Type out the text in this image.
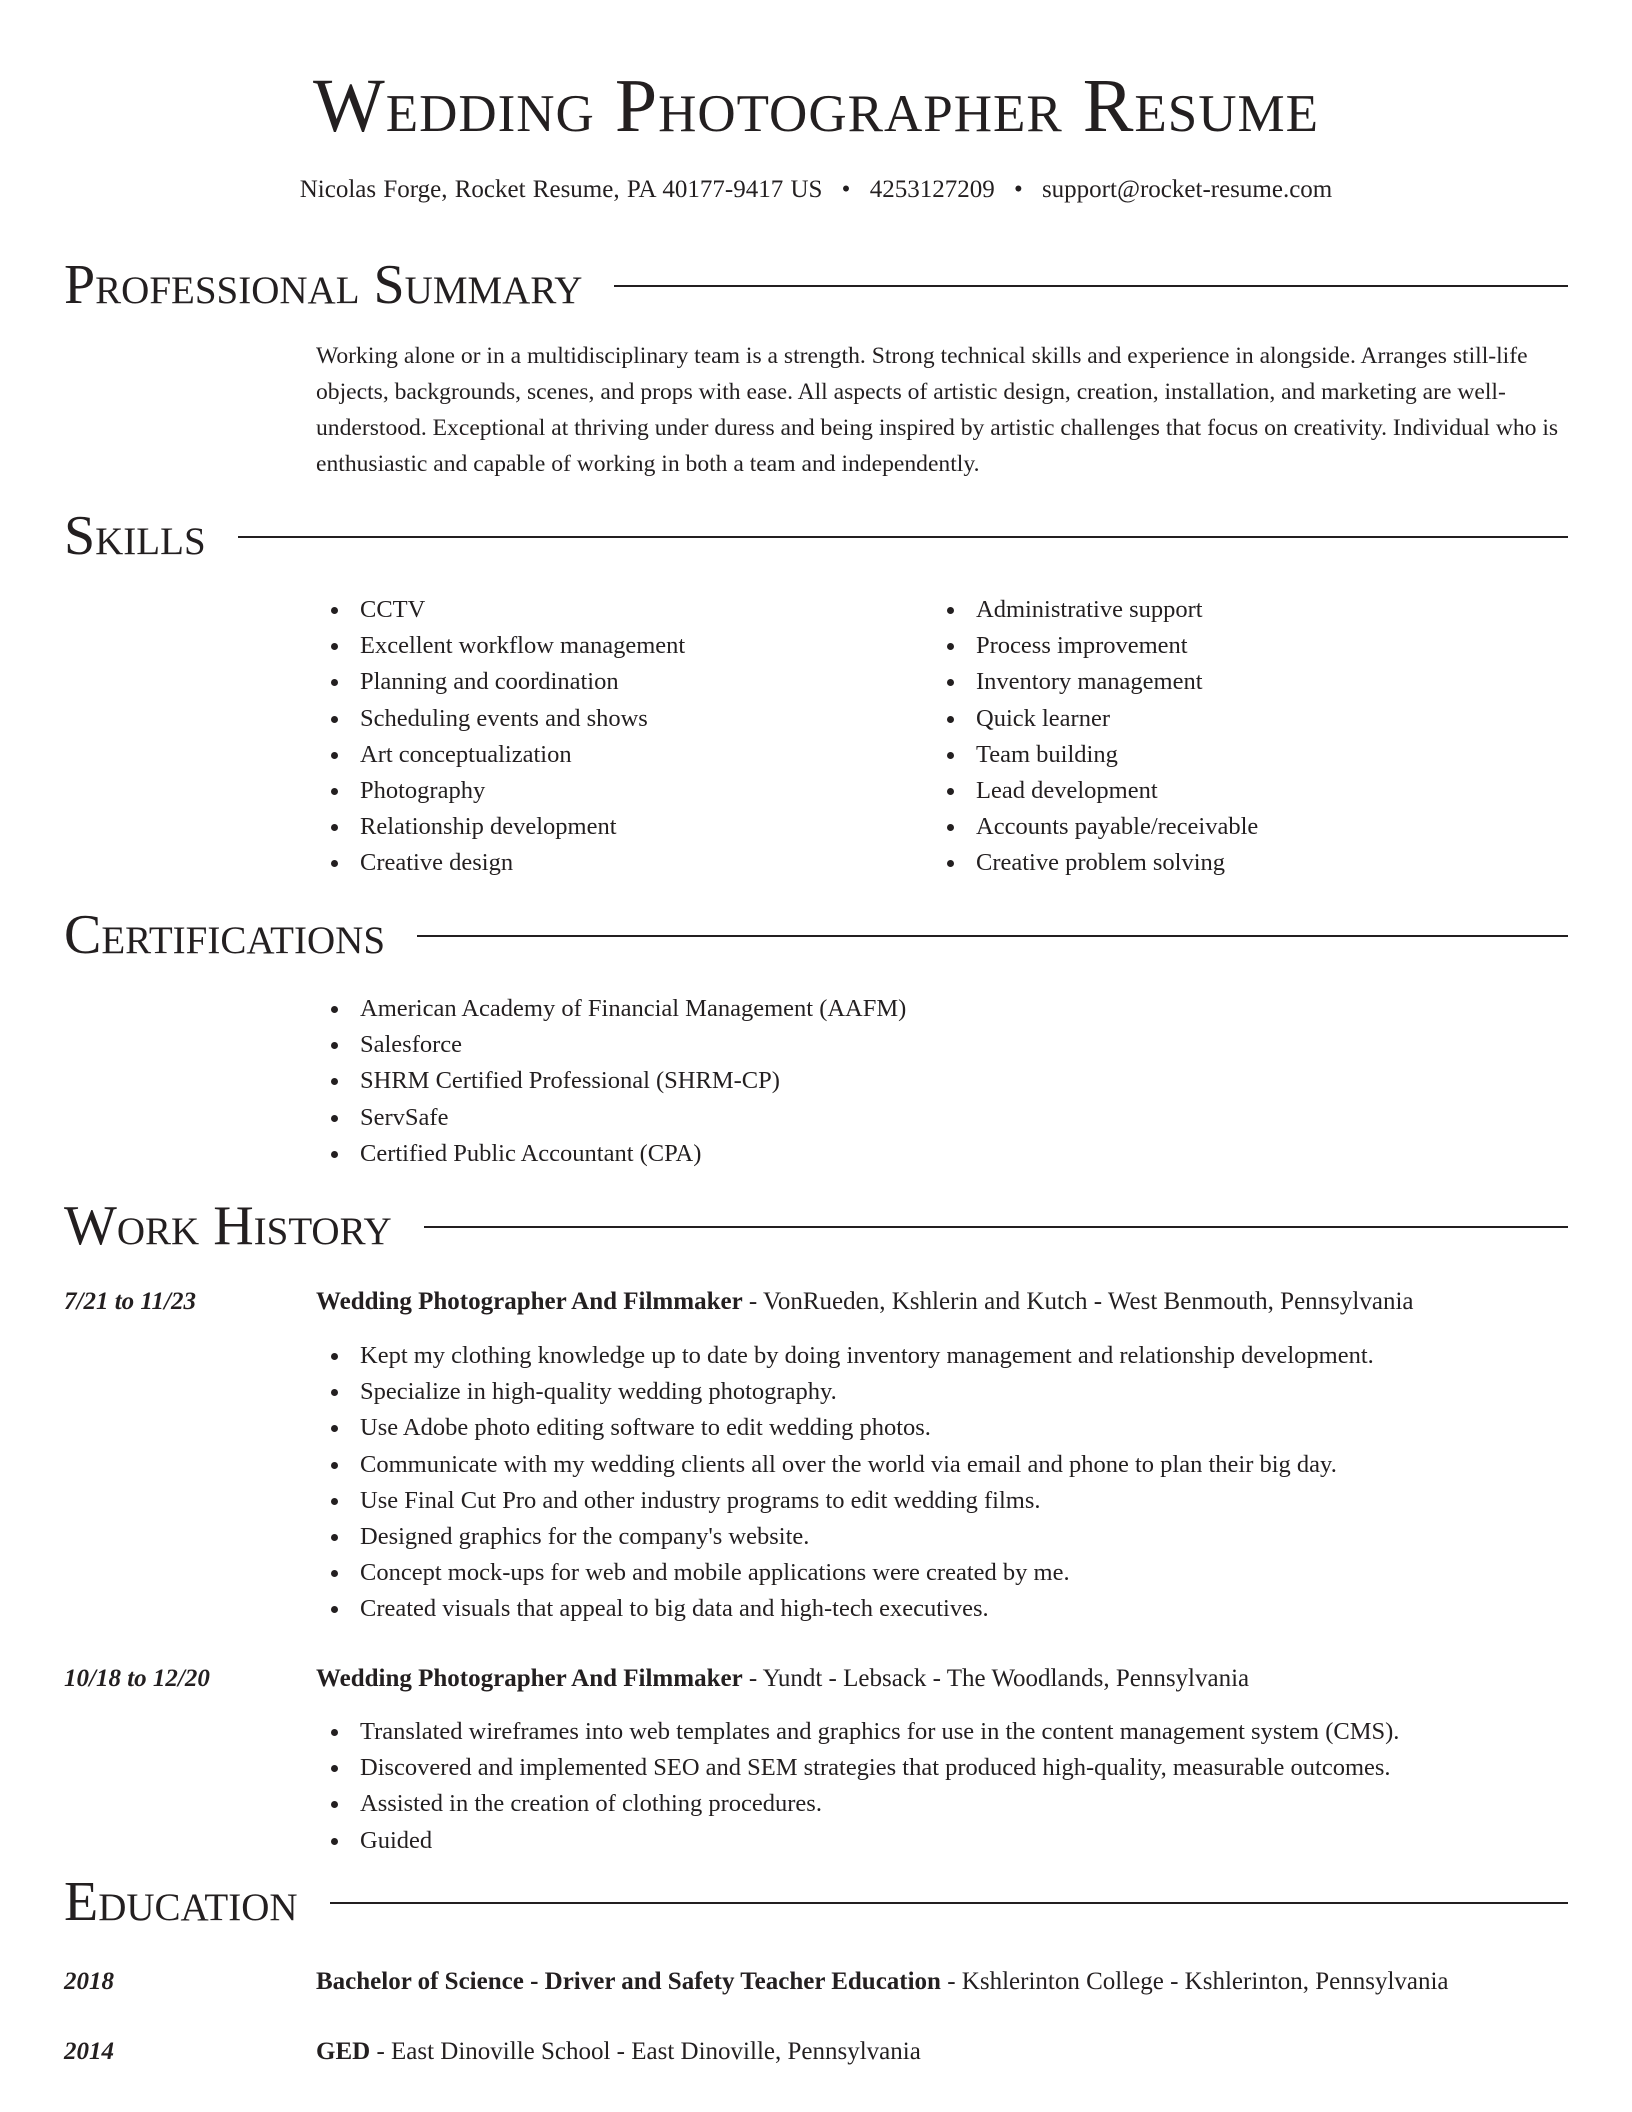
Wedding Photographer Resume
Nicolas Forge, Rocket Resume, PA 40177-9417 US • 4253127209 • support@rocket-resume.com
Professional Summary

Working alone or in a multidisciplinary team is a strength. Strong technical skills and experience in alongside. Arranges still-life objects, backgrounds, scenes, and props with ease. All aspects of artistic design, creation, installation, and marketing are well-understood. Exceptional at thriving under duress and being inspired by artistic challenges that focus on creativity. Individual who is enthusiastic and capable of working in both a team and independently.

Skills
CCTV
Excellent workflow management
Planning and coordination
Scheduling events and shows
Art conceptualization
Photography
Relationship development
Creative design
Administrative support
Process improvement
Inventory management
Quick learner
Team building
Lead development
Accounts payable/receivable
Creative problem solving
Certifications
American Academy of Financial Management (AAFM)
Salesforce
SHRM Certified Professional (SHRM-CP)
ServSafe
Certified Public Accountant (CPA)
Work History
7/21 to 11/23	Wedding Photographer And Filmmaker - VonRueden, Kshlerin and Kutch - West Benmouth, Pennsylvania
Kept my clothing knowledge up to date by doing inventory management and relationship development.
Specialize in high-quality wedding photography.
Use Adobe photo editing software to edit wedding photos.
Communicate with my wedding clients all over the world via email and phone to plan their big day.
Use Final Cut Pro and other industry programs to edit wedding films.
Designed graphics for the company's website.
Concept mock-ups for web and mobile applications were created by me.
Created visuals that appeal to big data and high-tech executives.
10/18 to 12/20	Wedding Photographer And Filmmaker - Yundt - Lebsack - The Woodlands, Pennsylvania
Translated wireframes into web templates and graphics for use in the content management system (CMS).
Discovered and implemented SEO and SEM strategies that produced high-quality, measurable outcomes.
Assisted in the creation of clothing procedures.
Guided
Education
2018	Bachelor of Science - Driver and Safety Teacher Education - Kshlerinton College - Kshlerinton, Pennsylvania
2014	GED - East Dinoville School - East Dinoville, Pennsylvania
